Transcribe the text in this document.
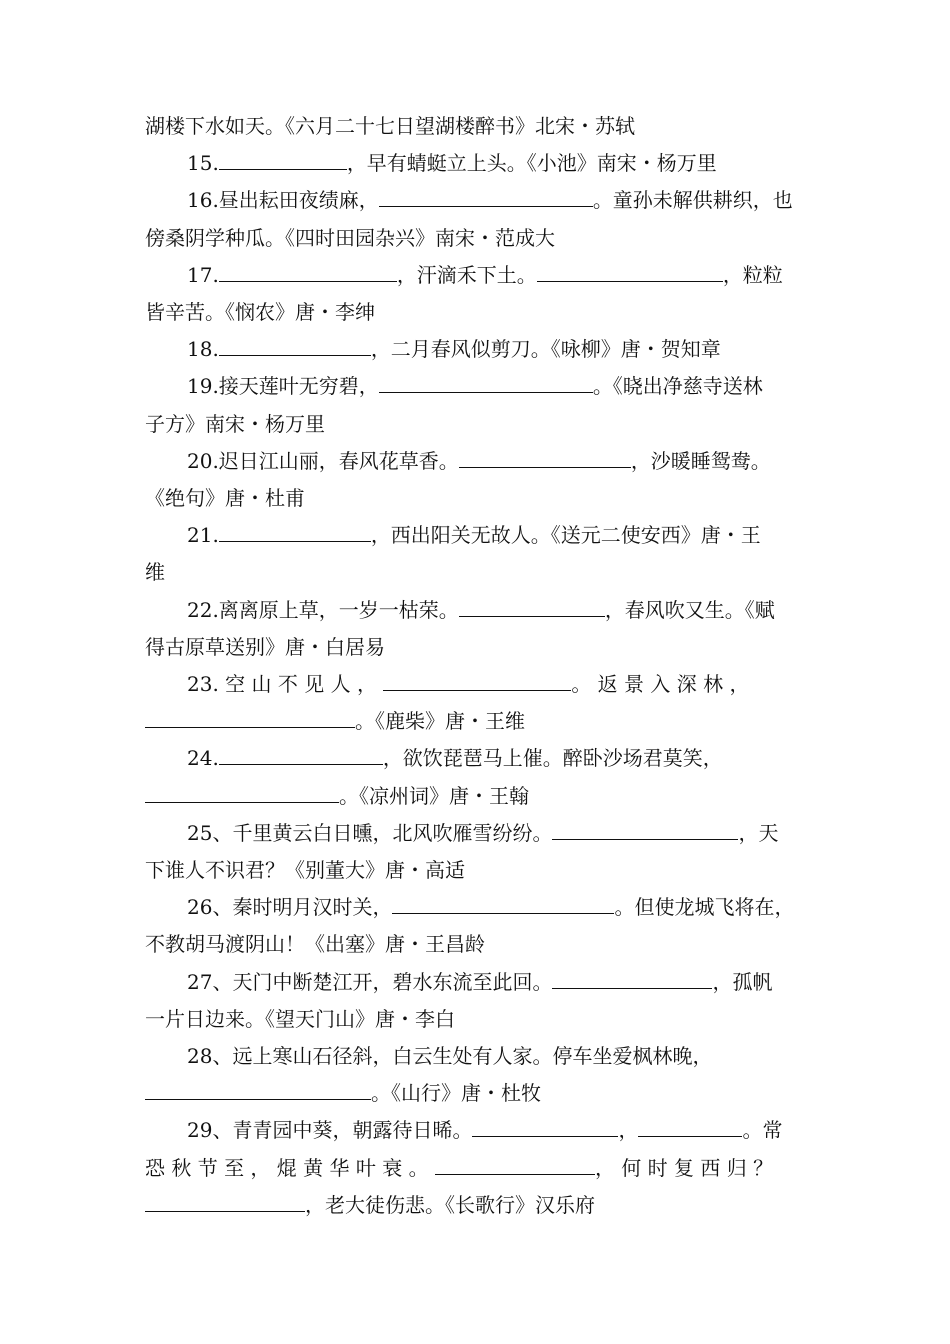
湖楼下水如天。《六月二十七日望湖楼醉书》北宋・苏轼
15.	，早有蜻蜓立上头。《小池》南宋・杨万里
16.昼出耘田夜绩麻，	。童孙未解供耕织，也
傍桑阴学种瓜。《四时田园杂兴》南宋・范成大
17.	，汗滴禾下土。	，粒粒
皆辛苦。《悯农》唐・李绅
18.	，二月春风似剪刀。《咏柳》唐・贺知章
19.接天莲叶无穷碧，	。《晓出净慈寺送林
子方》南宋・杨万里
20.迟日江山丽，春风花草香。	，沙暖睡鸳鸯。
《绝句》唐・杜甫
21.	，西出阳关无故人。《送元二使安西》唐・王
维
22.离离原上草，一岁一枯荣。	，春风吹又生。《赋
得古原草送别》唐・白居易
23. 空 山 不 见 人 ，	。 返 景 入 深 林 ，
。《鹿柴》唐・王维
24.	，欲饮琵琶马上催。醉卧沙场君莫笑，
。《凉州词》唐・王翰
25、千里黄云白日曛，北风吹雁雪纷纷。	，天
下谁人不识君？《别董大》唐・高适
26、秦时明月汉时关，	。但使龙城飞将在，
不教胡马渡阴山！《出塞》唐・王昌龄
27、天门中断楚江开，碧水东流至此回。	，孤帆
一片日边来。《望天门山》唐・李白
28、远上寒山石径斜，白云生处有人家。停车坐爱枫林晚，
。《山行》唐・杜牧
29、青青园中葵，朝露待日晞。	，	。常
恐 秋 节 至 ， 焜 黄 华 叶 衰 。	， 何 时 复 西 归 ？
，老大徒伤悲。《长歌行》汉乐府
